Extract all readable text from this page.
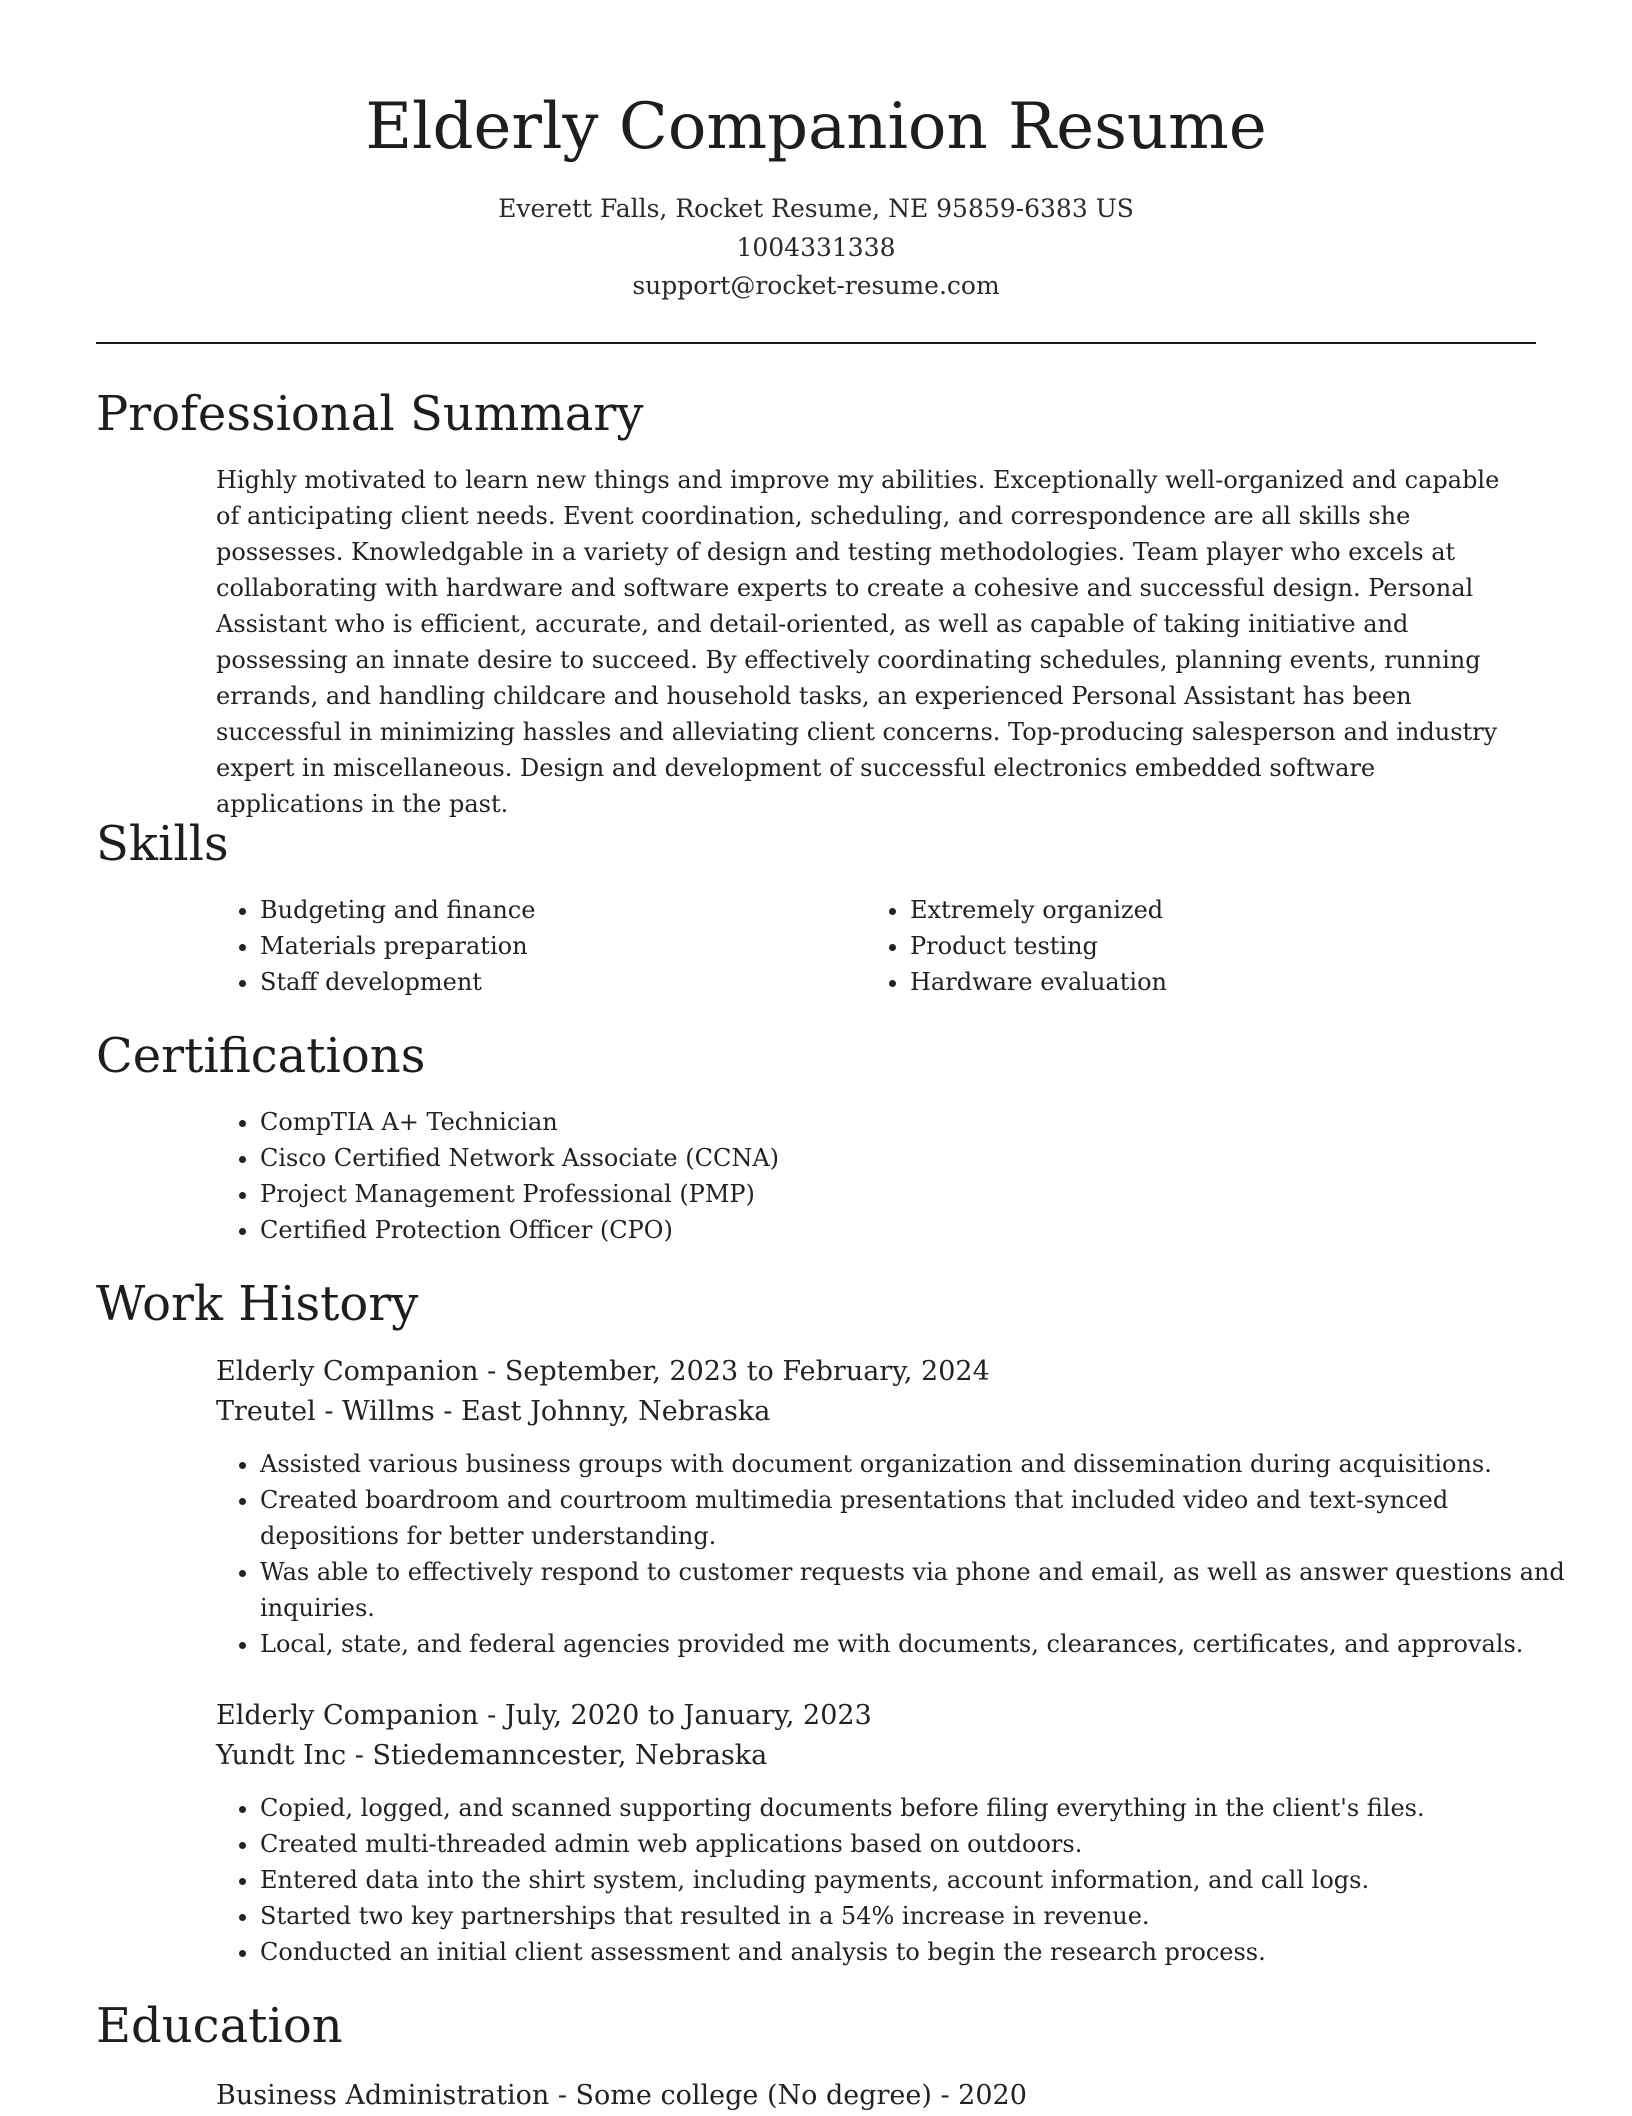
Elderly Companion Resume
Everett Falls, Rocket Resume, NE 95859-6383 US
1004331338
support@rocket-resume.com
Professional Summary

Highly motivated to learn new things and improve my abilities. Exceptionally well-organized and capable of anticipating client needs. Event coordination, scheduling, and correspondence are all skills she possesses. Knowledgable in a variety of design and testing methodologies. Team player who excels at collaborating with hardware and software experts to create a cohesive and successful design. Personal Assistant who is efficient, accurate, and detail-oriented, as well as capable of taking initiative and possessing an innate desire to succeed. By effectively coordinating schedules, planning events, running errands, and handling childcare and household tasks, an experienced Personal Assistant has been successful in minimizing hassles and alleviating client concerns. Top-producing salesperson and industry expert in miscellaneous. Design and development of successful electronics embedded software applications in the past.

Skills
• Budgeting and finance
• Materials preparation
• Staff development
• Extremely organized
• Product testing
• Hardware evaluation
Certifications
• CompTIA A+ Technician
• Cisco Certified Network Associate (CCNA)
• Project Management Professional (PMP)
• Certified Protection Officer (CPO)
Work History
Elderly Companion - September, 2023 to February, 2024
Treutel - Willms - East Johnny, Nebraska
• Assisted various business groups with document organization and dissemination during acquisitions.
• Created boardroom and courtroom multimedia presentations that included video and text-synced depositions for better understanding.
• Was able to effectively respond to customer requests via phone and email, as well as answer questions and inquiries.
• Local, state, and federal agencies provided me with documents, clearances, certificates, and approvals.
Elderly Companion - July, 2020 to January, 2023
Yundt Inc - Stiedemanncester, Nebraska
• Copied, logged, and scanned supporting documents before filing everything in the client's files.
• Created multi-threaded admin web applications based on outdoors.
• Entered data into the shirt system, including payments, account information, and call logs.
• Started two key partnerships that resulted in a 54% increase in revenue.
• Conducted an initial client assessment and analysis to begin the research process.
Education
Business Administration - Some college (No degree) - 2020
